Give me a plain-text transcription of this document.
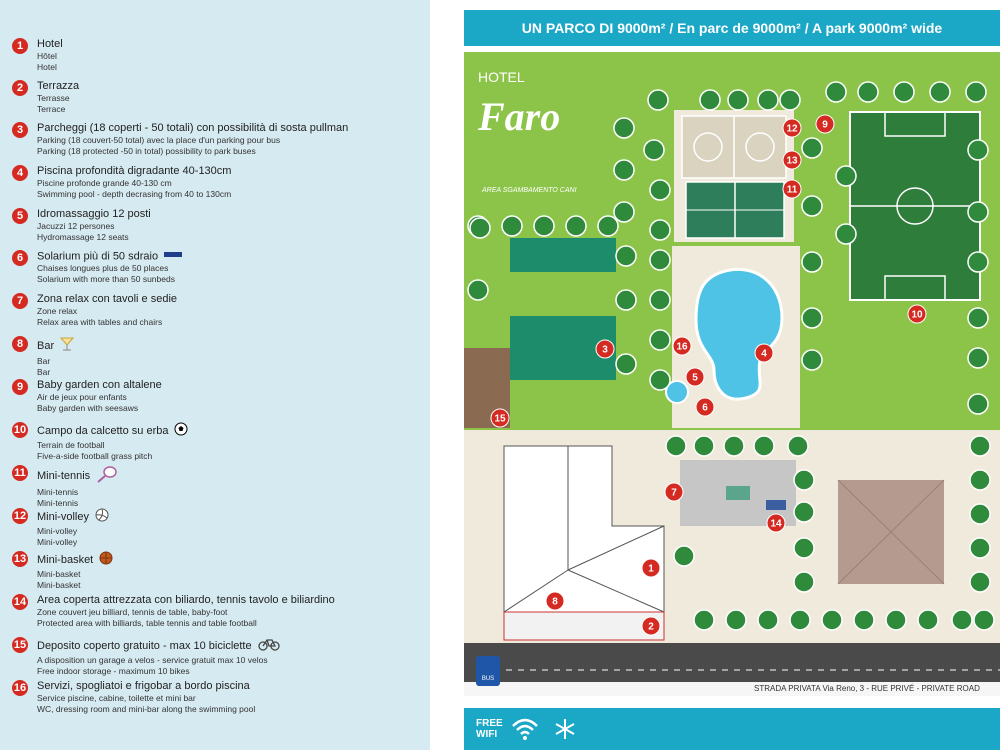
1	Hotel
Hôtel
Hotel
2	Terrazza
Terrasse
Terrace
3	Parcheggi (18 coperti - 50 totali) con possibilità di sosta pullman
Parking (18 couvert-50 total) avec la place d'un parking pour bus
Parking (18 protected -50 in total) possibility to park buses
4	Piscina profondità digradante 40-130cm
Piscine profonde grande 40-130 cm
Swimming pool - depth decrasing from 40 to 130cm
5	Idromassaggio 12 posti
Jacuzzi 12 persones
Hydromassage 12 seats
6	Solarium più di 50 sdraio
Chaises longues plus de 50 places
Solarium with more than 50 sunbeds
7	Zona relax con tavoli e sedie
Zone relax
Relax area with tables and chairs
8	Bar
Bar
Bar
9	Baby garden con altalene
Air de jeux pour enfants
Baby garden with seesaws
10 Campo da calcetto su erba
Terrain de football
Five-a-side football grass pitch
11 Mini-tennis
Mini-tennis
Mini-tennis
12 Mini-volley
Mini-volley
Mini-volley
13 Mini-basket
Mini-basket
Mini-basket
14 Area coperta attrezzata con biliardo, tennis tavolo e biliardino
Zone couvert jeu billiard, tennis de table, baby-foot
Protected area with billiards, table tennis and table football
15 Deposito coperto gratuito - max 10 biciclette
A disposition un garage a velos - service gratuit max 10 velos
Free indoor storage - maximum 10 bikes
16 Servizi, spogliatoi e frigobar a bordo piscina
Service piscine, cabine, toilette et mini bar
WC, dressing room and mini-bar along the swimming pool
UN PARCO DI 9000m² / En parc de 9000m² / A park 9000m² wide
BUS
1
2
3	4
5
6
7
8
9
10
11
12
13
14
15
16
HOTEL
Faro
AREA SGAMBAMENTO CANI
STRADA PRIVATA Via Reno, 3 - RUE PRIVÉ - PRIVATE ROAD
FREE WIFI
